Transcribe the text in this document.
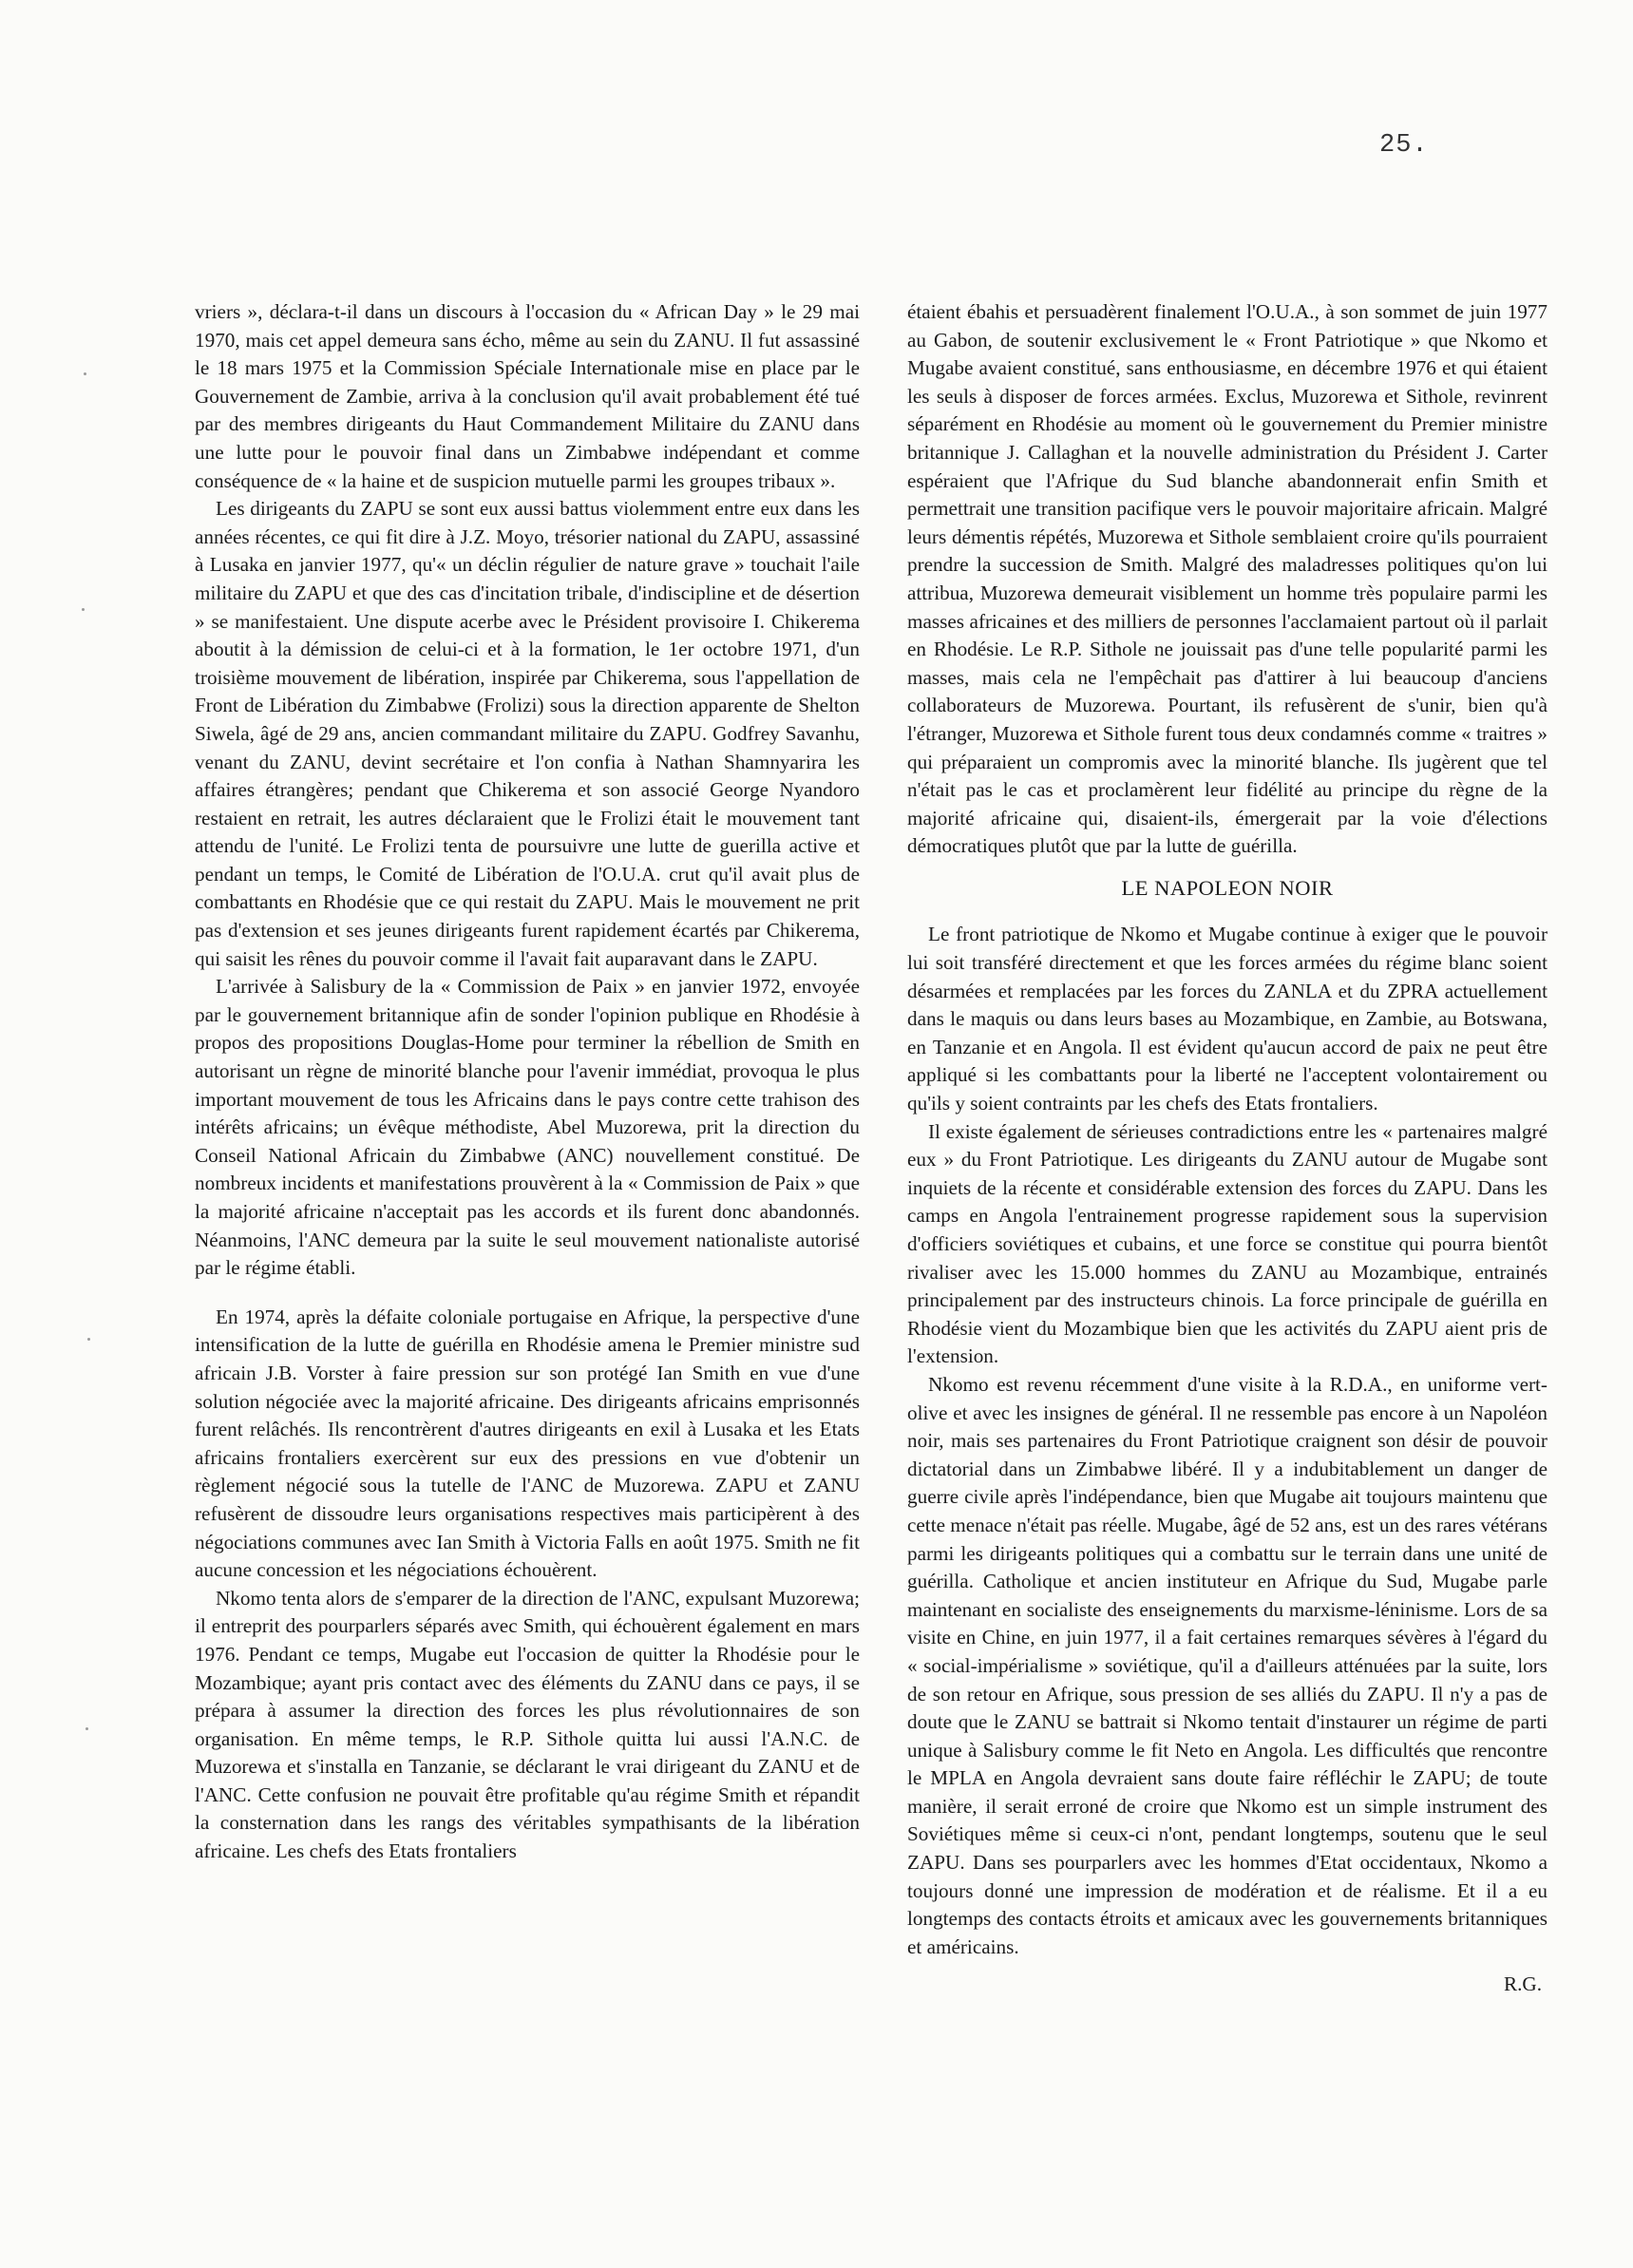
25.

vriers », déclara-t-il dans un discours à l'occasion du « African Day » le 29 mai 1970, mais cet appel demeura sans écho, même au sein du ZANU. Il fut assassiné le 18 mars 1975 et la Commission Spéciale Internationale mise en place par le Gouvernement de Zambie, arriva à la conclusion qu'il avait probablement été tué par des membres dirigeants du Haut Commandement Militaire du ZANU dans une lutte pour le pouvoir final dans un Zimbabwe indépendant et comme conséquence de « la haine et de suspicion mutuelle parmi les groupes tribaux ».

Les dirigeants du ZAPU se sont eux aussi battus violemment entre eux dans les années récentes, ce qui fit dire à J.Z. Moyo, trésorier national du ZAPU, assassiné à Lusaka en janvier 1977, qu'« un déclin régulier de nature grave » touchait l'aile militaire du ZAPU et que des cas d'incitation tribale, d'indiscipline et de désertion » se manifestaient. Une dispute acerbe avec le Président provisoire I. Chikerema aboutit à la démission de celui-ci et à la formation, le 1er octobre 1971, d'un troisième mouvement de libération, inspirée par Chikerema, sous l'appellation de Front de Libération du Zimbabwe (Frolizi) sous la direction apparente de Shelton Siwela, âgé de 29 ans, ancien commandant militaire du ZAPU. Godfrey Savanhu, venant du ZANU, devint secrétaire et l'on confia à Nathan Shamnyarira les affaires étrangères; pendant que Chikerema et son associé George Nyandoro restaient en retrait, les autres déclaraient que le Frolizi était le mouvement tant attendu de l'unité. Le Frolizi tenta de poursuivre une lutte de guerilla active et pendant un temps, le Comité de Libération de l'O.U.A. crut qu'il avait plus de combattants en Rhodésie que ce qui restait du ZAPU. Mais le mouvement ne prit pas d'extension et ses jeunes dirigeants furent rapidement écartés par Chikerema, qui saisit les rênes du pouvoir comme il l'avait fait auparavant dans le ZAPU.

L'arrivée à Salisbury de la « Commission de Paix » en janvier 1972, envoyée par le gouvernement britannique afin de sonder l'opinion publique en Rhodésie à propos des propositions Douglas-Home pour terminer la rébellion de Smith en autorisant un règne de minorité blanche pour l'avenir immédiat, provoqua le plus important mouvement de tous les Africains dans le pays contre cette trahison des intérêts africains; un évêque méthodiste, Abel Muzorewa, prit la direction du Conseil National Africain du Zimbabwe (ANC) nouvellement constitué. De nombreux incidents et manifestations prouvèrent à la « Commission de Paix » que la majorité africaine n'acceptait pas les accords et ils furent donc abandonnés. Néanmoins, l'ANC demeura par la suite le seul mouvement nationaliste autorisé par le régime établi.

En 1974, après la défaite coloniale portugaise en Afrique, la perspective d'une intensification de la lutte de guérilla en Rhodésie amena le Premier ministre sud africain J.B. Vorster à faire pression sur son protégé Ian Smith en vue d'une solution négociée avec la majorité africaine. Des dirigeants africains emprisonnés furent relâchés. Ils rencontrèrent d'autres dirigeants en exil à Lusaka et les Etats africains frontaliers exercèrent sur eux des pressions en vue d'obtenir un règlement négocié sous la tutelle de l'ANC de Muzorewa. ZAPU et ZANU refusèrent de dissoudre leurs organisations respectives mais participèrent à des négociations communes avec Ian Smith à Victoria Falls en août 1975. Smith ne fit aucune concession et les négociations échouèrent.

Nkomo tenta alors de s'emparer de la direction de l'ANC, expulsant Muzorewa; il entreprit des pourparlers séparés avec Smith, qui échouèrent également en mars 1976. Pendant ce temps, Mugabe eut l'occasion de quitter la Rhodésie pour le Mozambique; ayant pris contact avec des éléments du ZANU dans ce pays, il se prépara à assumer la direction des forces les plus révolutionnaires de son organisation. En même temps, le R.P. Sithole quitta lui aussi l'A.N.C. de Muzorewa et s'installa en Tanzanie, se déclarant le vrai dirigeant du ZANU et de l'ANC. Cette confusion ne pouvait être profitable qu'au régime Smith et répandit la consternation dans les rangs des véritables sympathisants de la libération africaine. Les chefs des Etats frontaliers

étaient ébahis et persuadèrent finalement l'O.U.A., à son sommet de juin 1977 au Gabon, de soutenir exclusivement le « Front Patriotique » que Nkomo et Mugabe avaient constitué, sans enthousiasme, en décembre 1976 et qui étaient les seuls à disposer de forces armées. Exclus, Muzorewa et Sithole, revinrent séparément en Rhodésie au moment où le gouvernement du Premier ministre britannique J. Callaghan et la nouvelle administration du Président J. Carter espéraient que l'Afrique du Sud blanche abandonnerait enfin Smith et permettrait une transition pacifique vers le pouvoir majoritaire africain. Malgré leurs démentis répétés, Muzorewa et Sithole semblaient croire qu'ils pourraient prendre la succession de Smith. Malgré des maladresses politiques qu'on lui attribua, Muzorewa demeurait visiblement un homme très populaire parmi les masses africaines et des milliers de personnes l'acclamaient partout où il parlait en Rhodésie. Le R.P. Sithole ne jouissait pas d'une telle popularité parmi les masses, mais cela ne l'empêchait pas d'attirer à lui beaucoup d'anciens collaborateurs de Muzorewa. Pourtant, ils refusèrent de s'unir, bien qu'à l'étranger, Muzorewa et Sithole furent tous deux condamnés comme « traitres » qui préparaient un compromis avec la minorité blanche. Ils jugèrent que tel n'était pas le cas et proclamèrent leur fidélité au principe du règne de la majorité africaine qui, disaient-ils, émergerait par la voie d'élections démocratiques plutôt que par la lutte de guérilla.

LE NAPOLEON NOIR

Le front patriotique de Nkomo et Mugabe continue à exiger que le pouvoir lui soit transféré directement et que les forces armées du régime blanc soient désarmées et remplacées par les forces du ZANLA et du ZPRA actuellement dans le maquis ou dans leurs bases au Mozambique, en Zambie, au Botswana, en Tanzanie et en Angola. Il est évident qu'aucun accord de paix ne peut être appliqué si les combattants pour la liberté ne l'acceptent volontairement ou qu'ils y soient contraints par les chefs des Etats frontaliers.

Il existe également de sérieuses contradictions entre les « partenaires malgré eux » du Front Patriotique. Les dirigeants du ZANU autour de Mugabe sont inquiets de la récente et considérable extension des forces du ZAPU. Dans les camps en Angola l'entrainement progresse rapidement sous la supervision d'officiers soviétiques et cubains, et une force se constitue qui pourra bientôt rivaliser avec les 15.000 hommes du ZANU au Mozambique, entrainés principalement par des instructeurs chinois. La force principale de guérilla en Rhodésie vient du Mozambique bien que les activités du ZAPU aient pris de l'extension.

Nkomo est revenu récemment d'une visite à la R.D.A., en uniforme vert-olive et avec les insignes de général. Il ne ressemble pas encore à un Napoléon noir, mais ses partenaires du Front Patriotique craignent son désir de pouvoir dictatorial dans un Zimbabwe libéré. Il y a indubitablement un danger de guerre civile après l'indépendance, bien que Mugabe ait toujours maintenu que cette menace n'était pas réelle. Mugabe, âgé de 52 ans, est un des rares vétérans parmi les dirigeants politiques qui a combattu sur le terrain dans une unité de guérilla. Catholique et ancien instituteur en Afrique du Sud, Mugabe parle maintenant en socialiste des enseignements du marxisme-léninisme. Lors de sa visite en Chine, en juin 1977, il a fait certaines remarques sévères à l'égard du « social-impérialisme » soviétique, qu'il a d'ailleurs atténuées par la suite, lors de son retour en Afrique, sous pression de ses alliés du ZAPU. Il n'y a pas de doute que le ZANU se battrait si Nkomo tentait d'instaurer un régime de parti unique à Salisbury comme le fit Neto en Angola. Les difficultés que rencontre le MPLA en Angola devraient sans doute faire réfléchir le ZAPU; de toute manière, il serait erroné de croire que Nkomo est un simple instrument des Soviétiques même si ceux-ci n'ont, pendant longtemps, soutenu que le seul ZAPU. Dans ses pourparlers avec les hommes d'Etat occidentaux, Nkomo a toujours donné une impression de modération et de réalisme. Et il a eu longtemps des contacts étroits et amicaux avec les gouvernements britanniques et américains.

R.G.
